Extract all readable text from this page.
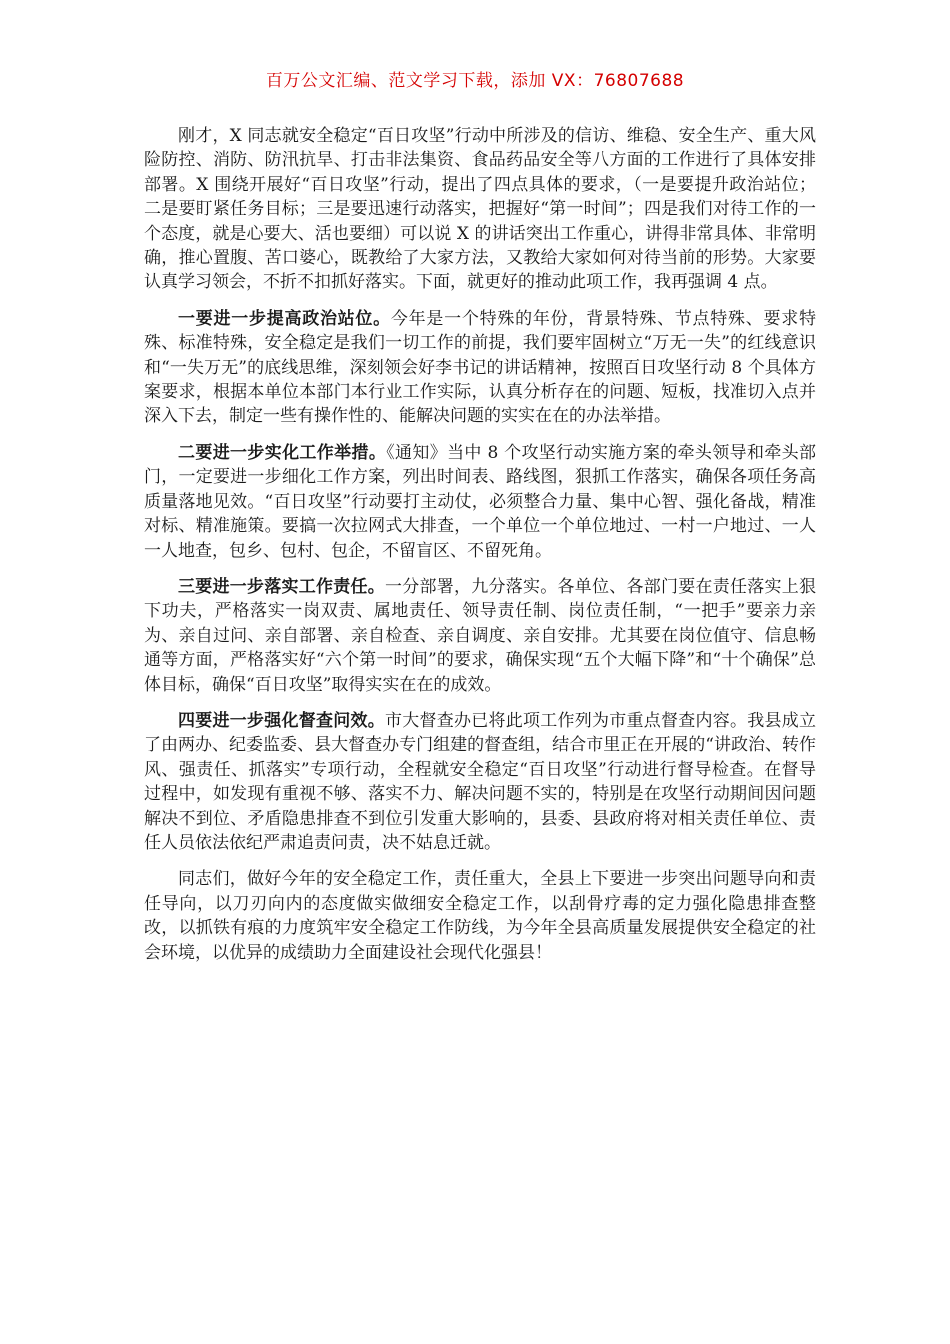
百万公文汇编、范文学习下载，添加 VX：76807688

刚才，X 同志就安全稳定“百日攻坚”行动中所涉及的信访、维稳、安全生产、重大风险防控、消防、防汛抗旱、打击非法集资、食品药品安全等八方面的工作进行了具体安排部署。X 围绕开展好“百日攻坚”行动，提出了四点具体的要求，（一是要提升政治站位；二是要盯紧任务目标；三是要迅速行动落实，把握好“第一时间”；四是我们对待工作的一个态度，就是心要大、活也要细）可以说 X 的讲话突出工作重心，讲得非常具体、非常明确，推心置腹、苦口婆心，既教给了大家方法，又教给大家如何对待当前的形势。大家要认真学习领会，不折不扣抓好落实。下面，就更好的推动此项工作，我再强调 4 点。

一要进一步提高政治站位。今年是一个特殊的年份，背景特殊、节点特殊、要求特殊、标准特殊，安全稳定是我们一切工作的前提，我们要牢固树立“万无一失”的红线意识和“一失万无”的底线思维，深刻领会好李书记的讲话精神，按照百日攻坚行动 8 个具体方案要求，根据本单位本部门本行业工作实际，认真分析存在的问题、短板，找准切入点并深入下去，制定一些有操作性的、能解决问题的实实在在的办法举措。

二要进一步实化工作举措。《通知》当中 8 个攻坚行动实施方案的牵头领导和牵头部门，一定要进一步细化工作方案，列出时间表、路线图，狠抓工作落实，确保各项任务高质量落地见效。“百日攻坚”行动要打主动仗，必须整合力量、集中心智、强化备战，精准对标、精准施策。要搞一次拉网式大排查，一个单位一个单位地过、一村一户地过、一人一人地查，包乡、包村、包企，不留盲区、不留死角。

三要进一步落实工作责任。一分部署，九分落实。各单位、各部门要在责任落实上狠下功夫，严格落实一岗双责、属地责任、领导责任制、岗位责任制，“一把手”要亲力亲为、亲自过问、亲自部署、亲自检查、亲自调度、亲自安排。尤其要在岗位值守、信息畅通等方面，严格落实好“六个第一时间”的要求，确保实现“五个大幅下降”和“十个确保”总体目标，确保“百日攻坚”取得实实在在的成效。

四要进一步强化督查问效。市大督查办已将此项工作列为市重点督查内容。我县成立了由两办、纪委监委、县大督查办专门组建的督查组，结合市里正在开展的“讲政治、转作风、强责任、抓落实”专项行动，全程就安全稳定“百日攻坚”行动进行督导检查。在督导过程中，如发现有重视不够、落实不力、解决问题不实的，特别是在攻坚行动期间因问题解决不到位、矛盾隐患排查不到位引发重大影响的，县委、县政府将对相关责任单位、责任人员依法依纪严肃追责问责，决不姑息迁就。

同志们，做好今年的安全稳定工作，责任重大，全县上下要进一步突出问题导向和责任导向，以刀刃向内的态度做实做细安全稳定工作，以刮骨疗毒的定力强化隐患排查整改，以抓铁有痕的力度筑牢安全稳定工作防线，为今年全县高质量发展提供安全稳定的社会环境，以优异的成绩助力全面建设社会现代化强县！
